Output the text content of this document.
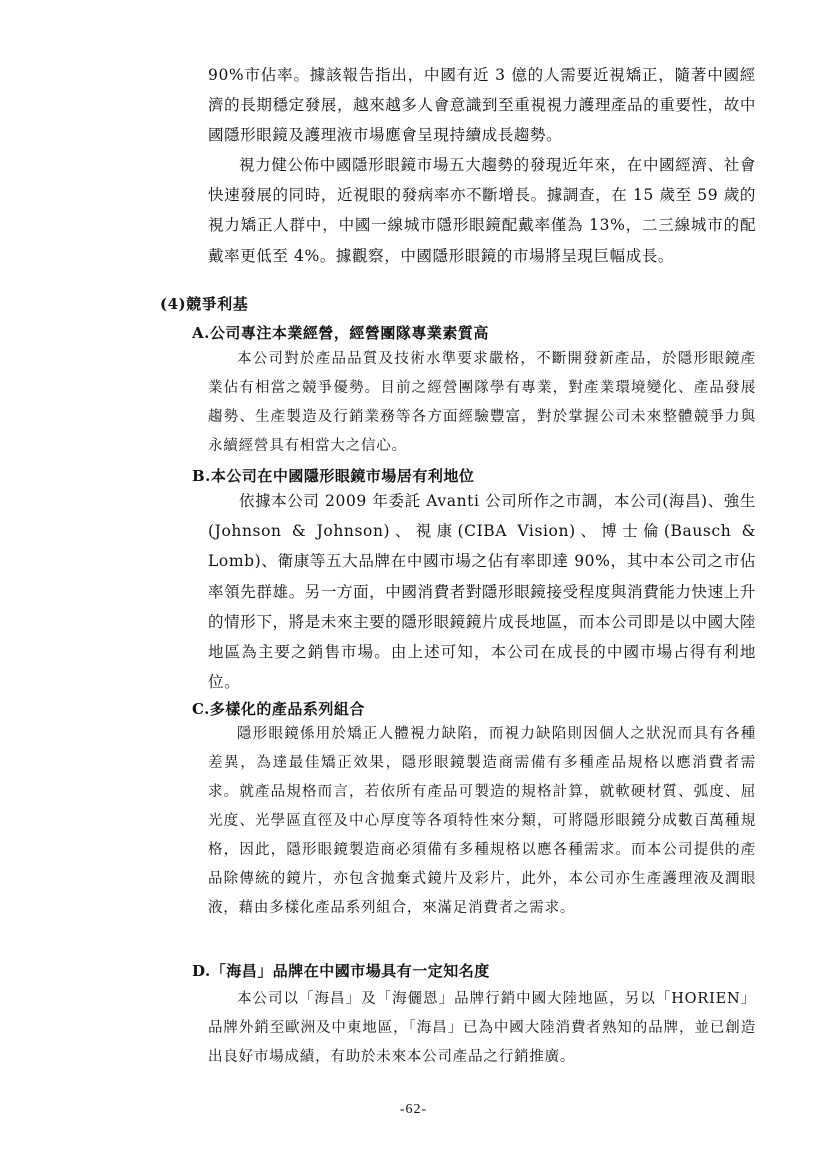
90%市佔率。據該報告指出，中國有近 3 億的人需要近視矯正，隨著中國經濟的長期穩定發展，越來越多人會意識到至重視視力護理產品的重要性，故中國隱形眼鏡及護理液市場應會呈現持續成長趨勢。

視力健公佈中國隱形眼鏡市場五大趨勢的發現近年來，在中國經濟、社會快速發展的同時，近視眼的發病率亦不斷增長。據調查，在 15 歲至 59 歲的視力矯正人群中，中國一線城市隱形眼鏡配戴率僅為 13%，二三線城市的配戴率更低至 4%。據觀察，中國隱形眼鏡的市場將呈現巨幅成長。

(4)競爭利基
A.公司專注本業經營，經營團隊專業素質高

本公司對於產品品質及技術水準要求嚴格，不斷開發新產品，於隱形眼鏡產業佔有相當之競爭優勢。目前之經營團隊學有專業，對產業環境變化、產品發展趨勢、生產製造及行銷業務等各方面經驗豐富，對於掌握公司未來整體競爭力與永續經營具有相當大之信心。

B.本公司在中國隱形眼鏡市場居有利地位

依據本公司 2009 年委託 Avanti 公司所作之市調，本公司(海昌)、強生(Johnson & Johnson)、視康(CIBA Vision)、博士倫(Bausch & Lomb)、衛康等五大品牌在中國市場之佔有率即達 90%，其中本公司之市佔率領先群雄。另一方面，中國消費者對隱形眼鏡接受程度與消費能力快速上升的情形下，將是未來主要的隱形眼鏡鏡片成長地區，而本公司即是以中國大陸地區為主要之銷售市場。由上述可知，本公司在成長的中國市場占得有利地位。

C.多樣化的產品系列組合

隱形眼鏡係用於矯正人體視力缺陷，而視力缺陷則因個人之狀況而具有各種差異，為達最佳矯正效果，隱形眼鏡製造商需備有多種產品規格以應消費者需求。就產品規格而言，若依所有產品可製造的規格計算，就軟硬材質、弧度、屈光度、光學區直徑及中心厚度等各項特性來分類，可將隱形眼鏡分成數百萬種規格，因此，隱形眼鏡製造商必須備有多種規格以應各種需求。而本公司提供的產品除傳統的鏡片，亦包含拋棄式鏡片及彩片，此外，本公司亦生產護理液及潤眼液，藉由多樣化產品系列組合，來滿足消費者之需求。

D.「海昌」品牌在中國市場具有一定知名度

本公司以「海昌」及「海儷恩」品牌行銷中國大陸地區，另以「HORIEN」品牌外銷至歐洲及中東地區，「海昌」已為中國大陸消費者熟知的品牌，並已創造出良好市場成績，有助於未來本公司產品之行銷推廣。

-62-
